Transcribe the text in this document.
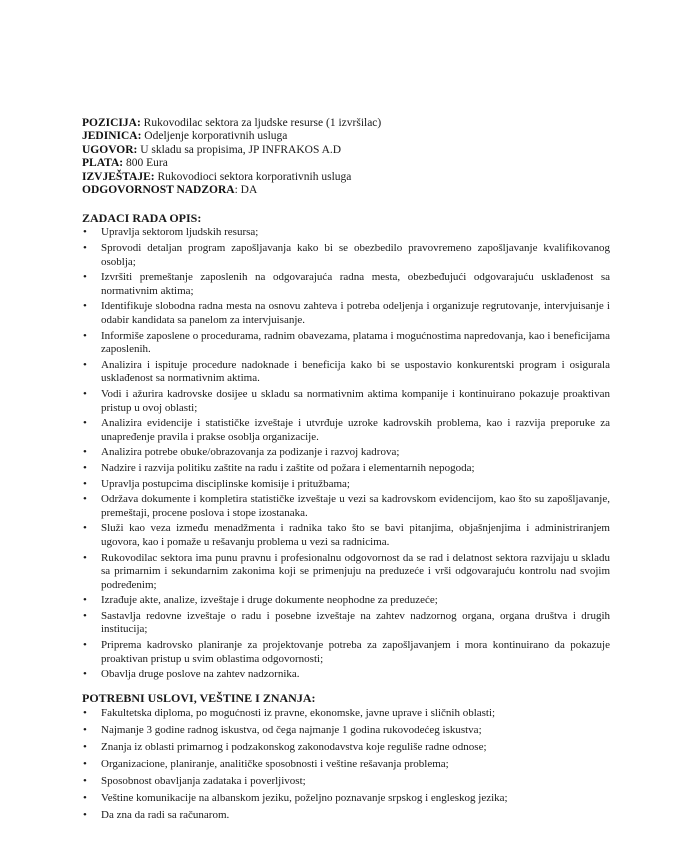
POZICIJA: Rukovodilac sektora za ljudske resurse (1 izvršilac)
JEDINICA: Odeljenje korporativnih usluga
UGOVOR: U skladu sa propisima, JP INFRAKOS A.D
PLATA: 800 Eura
IZVJEŠTAJE: Rukovodioci sektora korporativnih usluga
ODGOVORNOST NADZORA: DA
ZADACI RADA OPIS:
• Upravlja sektorom ljudskih resursa;
• Sprovodi detaljan program zapošljavanja kako bi se obezbedilo pravovremeno zapošljavanje kvalifikovanog osoblja;
• Izvršiti premeštanje zaposlenih na odgovarajuća radna mesta, obezbeđujući odgovarajuću usklađenost sa normativnim aktima;
• Identifikuje slobodna radna mesta na osnovu zahteva i potreba odeljenja i organizuje regrutovanje, intervjuisanje i odabir kandidata sa panelom za intervjuisanje.
• Informiše zaposlene o procedurama, radnim obavezama, platama i mogućnostima napredovanja, kao i beneficijama zaposlenih.
• Analizira i ispituje procedure nadoknade i beneficija kako bi se uspostavio konkurentski program i osigurala usklađenost sa normativnim aktima.
• Vodi i ažurira kadrovske dosijee u skladu sa normativnim aktima kompanije i kontinuirano pokazuje proaktivan pristup u ovoj oblasti;
• Analizira evidencije i statističke izveštaje i utvrđuje uzroke kadrovskih problema, kao i razvija preporuke za unapređenje pravila i prakse osoblja organizacije.
• Analizira potrebe obuke/obrazovanja za podizanje i razvoj kadrova;
• Nadzire i razvija politiku zaštite na radu i zaštite od požara i elementarnih nepogoda;
• Upravlja postupcima disciplinske komisije i pritužbama;
• Održava dokumente i kompletira statističke izveštaje u vezi sa kadrovskom evidencijom, kao što su zapošljavanje, premeštaji, procene poslova i stope izostanaka.
• Služi kao veza između menadžmenta i radnika tako što se bavi pitanjima, objašnjenjima i administriranjem ugovora, kao i pomaže u rešavanju problema u vezi sa radnicima.
• Rukovodilac sektora ima punu pravnu i profesionalnu odgovornost da se rad i delatnost sektora razvijaju u skladu sa primarnim i sekundarnim zakonima koji se primenjuju na preduzeće i vrši odgovarajuću kontrolu nad svojim podređenim;
• Izrađuje akte, analize, izveštaje i druge dokumente neophodne za preduzeće;
• Sastavlja redovne izveštaje o radu i posebne izveštaje na zahtev nadzornog organa, organa društva i drugih institucija;
• Priprema kadrovsko planiranje za projektovanje potreba za zapošljavanjem i mora kontinuirano da pokazuje proaktivan pristup u svim oblastima odgovornosti;
• Obavlja druge poslove na zahtev nadzornika.
POTREBNI USLOVI, VEŠTINE I ZNANJA:
• Fakultetska diploma, po mogućnosti iz pravne, ekonomske, javne uprave i sličnih oblasti;
• Najmanje 3 godine radnog iskustva, od čega najmanje 1 godina rukovodećeg iskustva;
• Znanja iz oblasti primarnog i podzakonskog zakonodavstva koje reguliše radne odnose;
• Organizacione, planiranje, analitičke sposobnosti i veštine rešavanja problema;
• Sposobnost obavljanja zadataka i poverljivost;
• Veštine komunikacije na albanskom jeziku, poželjno poznavanje srpskog i engleskog jezika;
• Da zna da radi sa računarom.
